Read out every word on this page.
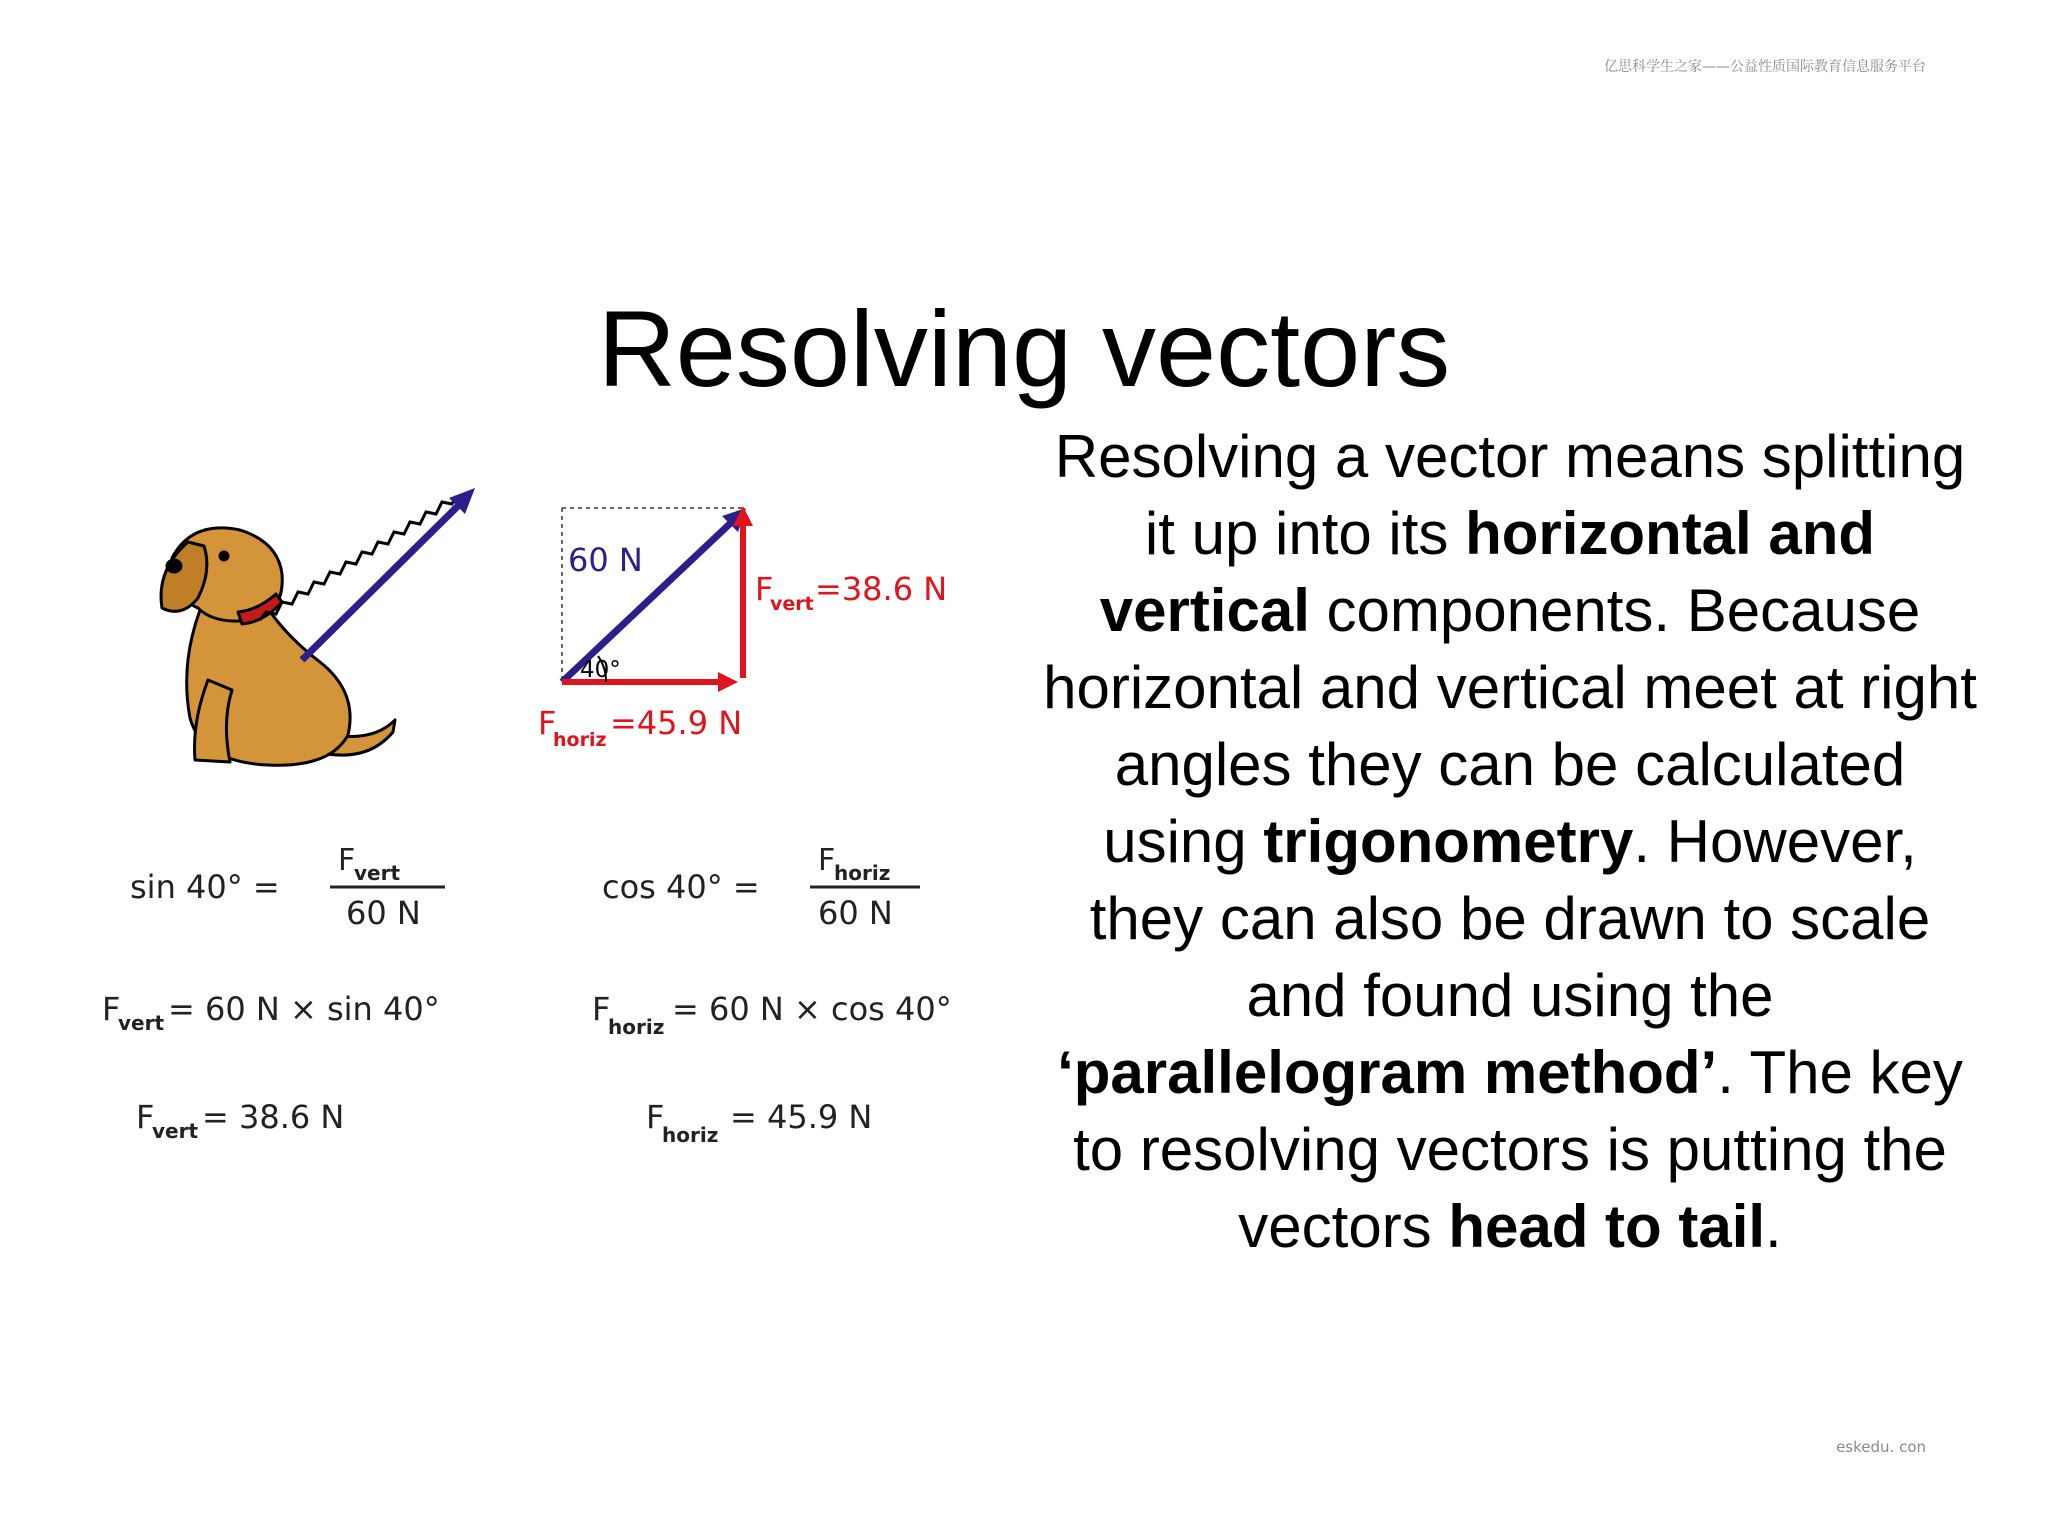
亿思科学生之家——公益性质国际教育信息服务平台
Resolving vectors
40°
60 N
F
vert =38.6 N
F
horiz =45.9 N
sin 40° =
F
vert
60 N
F
vert = 60 N × sin 40°
F
vert = 38.6 N
cos 40° =
F
horiz
60 N
F
horiz = 60 N × cos 40°
F
horiz = 45.9 N

Resolving a vector means splitting it up into its horizontal and vertical components. Because horizontal and vertical meet at right angles they can be calculated using trigonometry. However, they can also be drawn to scale and found using the ‘parallelogram method’. The key to resolving vectors is putting the vectors head to tail.

eskedu. con
